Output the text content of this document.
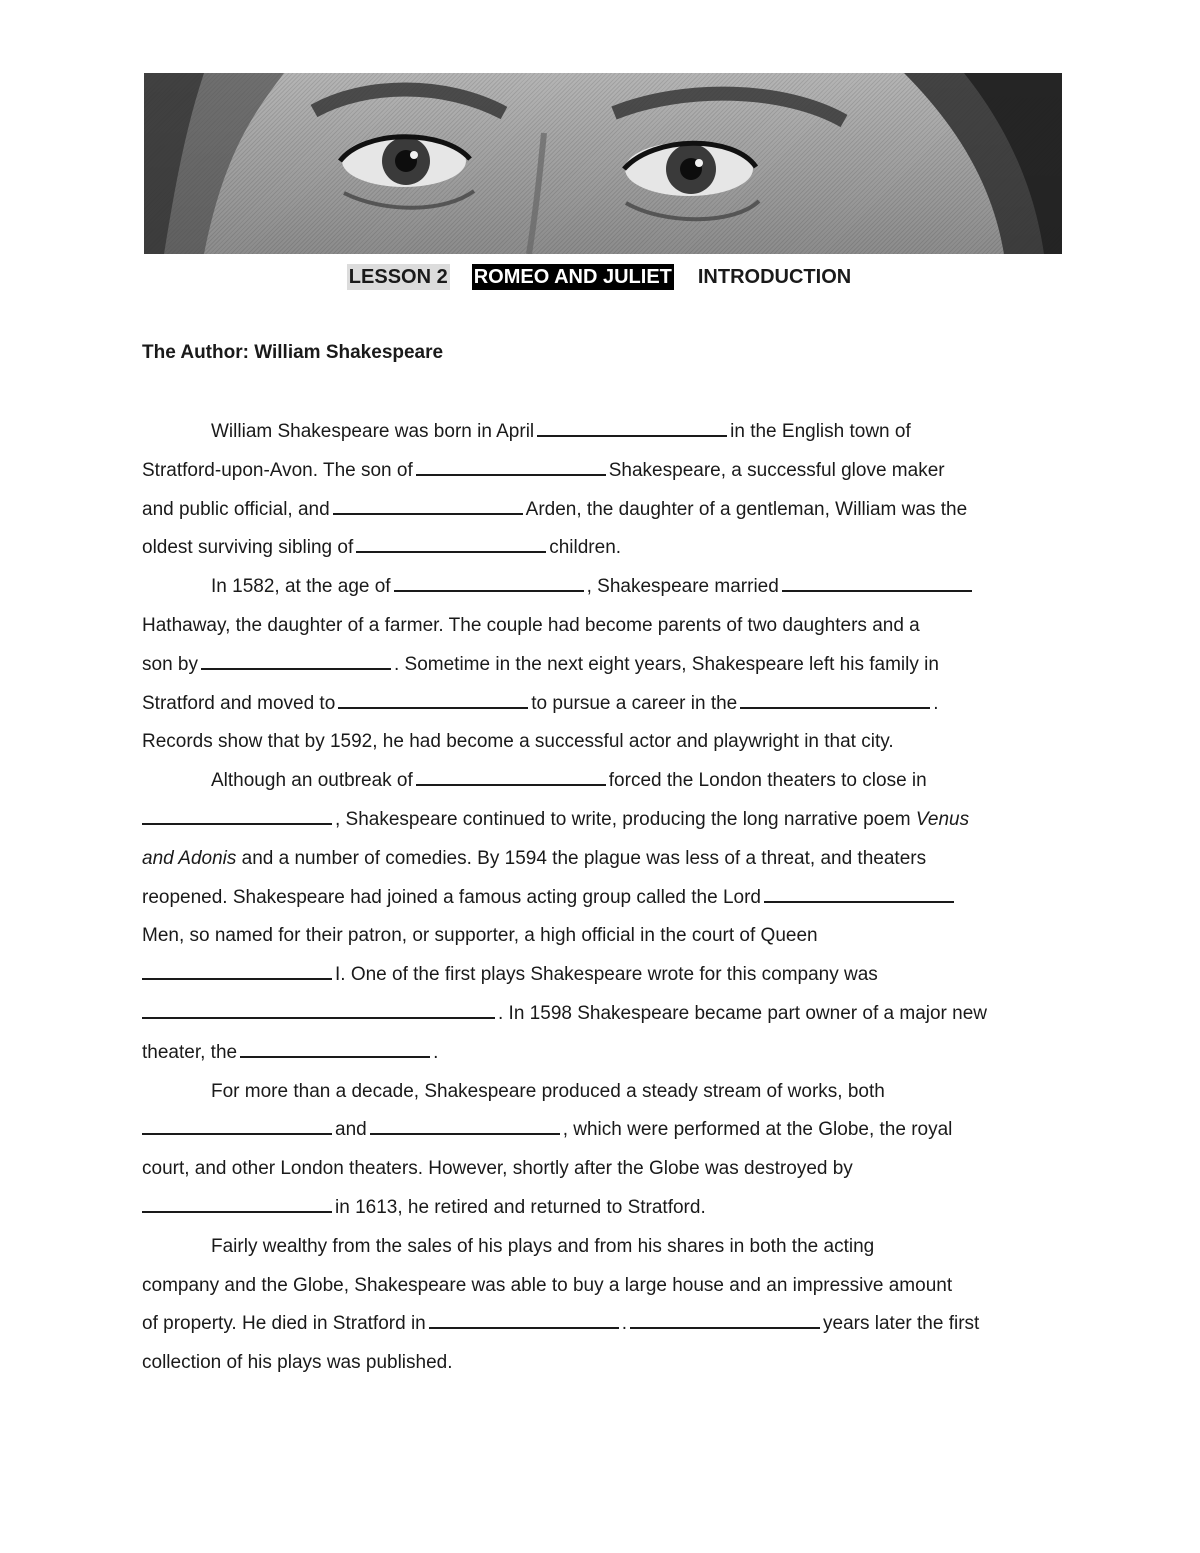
LESSON 2 ROMEO AND JULIET INTRODUCTION
The Author: William Shakespeare
William Shakespeare was born in April	in the English town of
Stratford-upon-Avon. The son of	Shakespeare, a successful glove maker
and public official, and	Arden, the daughter of a gentleman, William was the
oldest surviving sibling of	children.
In 1582, at the age of	, Shakespeare married
Hathaway, the daughter of a farmer. The couple had become parents of two daughters and a
son by	. Sometime in the next eight years, Shakespeare left his family in
Stratford and moved to	to pursue a career in the	.
Records show that by 1592, he had become a successful actor and playwright in that city.
Although an outbreak of	forced the London theaters to close in
, Shakespeare continued to write, producing the long narrative poem Venus
and Adonis and a number of comedies. By 1594 the plague was less of a threat, and theaters
reopened. Shakespeare had joined a famous acting group called the Lord
Men, so named for their patron, or supporter, a high official in the court of Queen
I. One of the first plays Shakespeare wrote for this company was
. In 1598 Shakespeare became part owner of a major new
theater, the	.
For more than a decade, Shakespeare produced a steady stream of works, both
and	, which were performed at the Globe, the royal
court, and other London theaters. However, shortly after the Globe was destroyed by
in 1613, he retired and returned to Stratford.
Fairly wealthy from the sales of his plays and from his shares in both the acting
company and the Globe, Shakespeare was able to buy a large house and an impressive amount
of property. He died in Stratford in	.	years later the first
collection of his plays was published.
